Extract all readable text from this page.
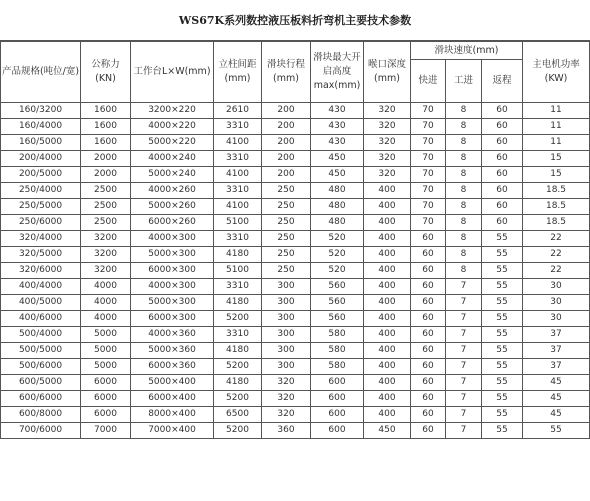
WS67K系列数控液压板料折弯机主要技术参数
产品规格(吨位/宽)	公称力(KN)	工作台L×W(mm)	立柱间距(mm)	滑块行程(mm)	滑块最大开启高度max(mm)	喉口深度(mm)	滑块速度(mm)			主电机功率(KW)
							快进	工进	返程	
160/3200	1600	3200×220	2610	200	430	320	70	8	60	11
160/4000	1600	4000×220	3310	200	430	320	70	8	60	11
160/5000	1600	5000×220	4100	200	430	320	70	8	60	11
200/4000	2000	4000×240	3310	200	450	320	70	8	60	15
200/5000	2000	5000×240	4100	200	450	320	70	8	60	15
250/4000	2500	4000×260	3310	250	480	400	70	8	60	18.5
250/5000	2500	5000×260	4100	250	480	400	70	8	60	18.5
250/6000	2500	6000×260	5100	250	480	400	70	8	60	18.5
320/4000	3200	4000×300	3310	250	520	400	60	8	55	22
320/5000	3200	5000×300	4180	250	520	400	60	8	55	22
320/6000	3200	6000×300	5100	250	520	400	60	8	55	22
400/4000	4000	4000×300	3310	300	560	400	60	7	55	30
400/5000	4000	5000×300	4180	300	560	400	60	7	55	30
400/6000	4000	6000×300	5200	300	560	400	60	7	55	30
500/4000	5000	4000×360	3310	300	580	400	60	7	55	37
500/5000	5000	5000×360	4180	300	580	400	60	7	55	37
500/6000	5000	6000×360	5200	300	580	400	60	7	55	37
600/5000	6000	5000×400	4180	320	600	400	60	7	55	45
600/6000	6000	6000×400	5200	320	600	400	60	7	55	45
600/8000	6000	8000×400	6500	320	600	400	60	7	55	45
700/6000	7000	7000×400	5200	360	600	450	60	7	55	55
